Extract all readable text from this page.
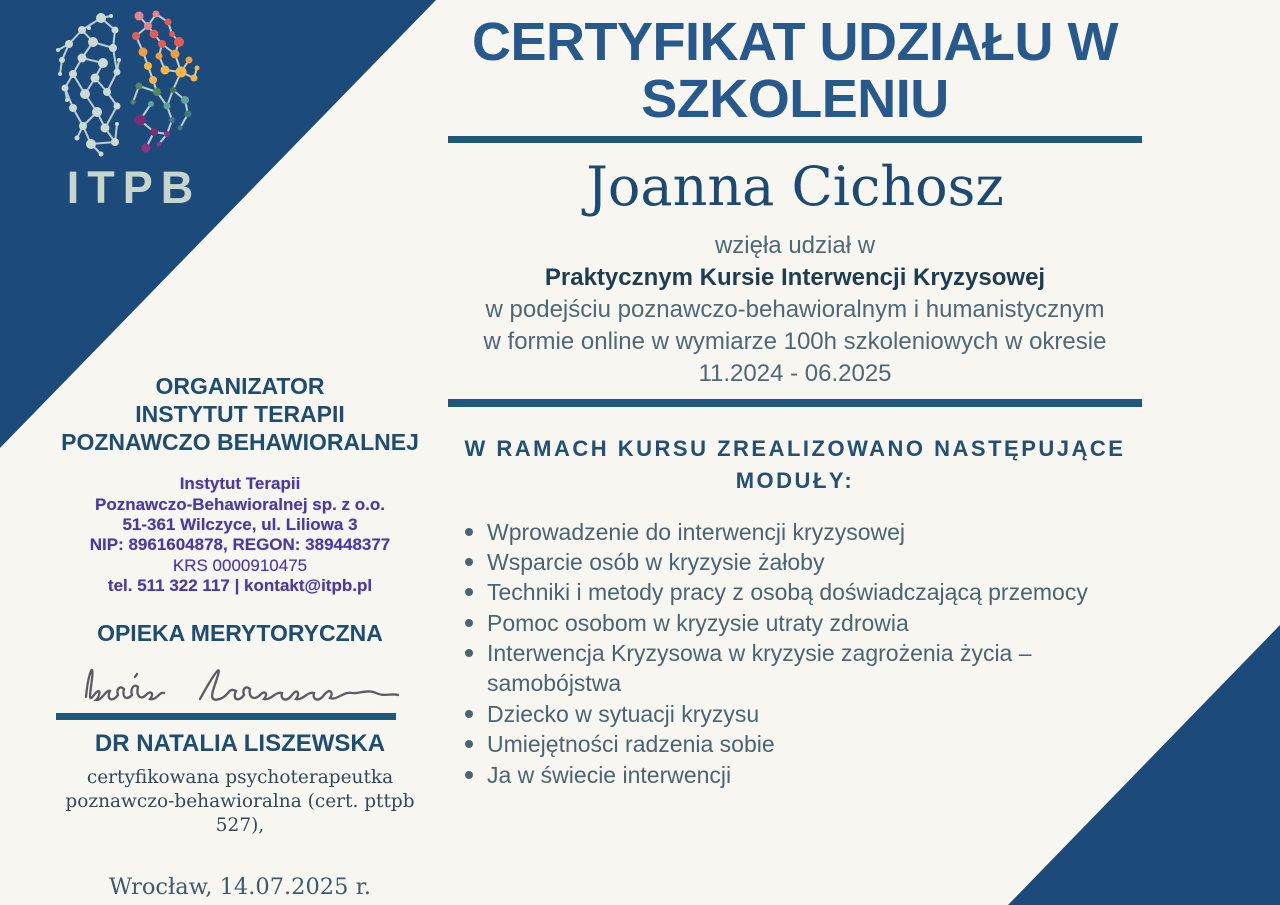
ITPB
CERTYFIKAT UDZIAŁU W
SZKOLENIU
Joanna Cichosz
wzięła udział w
Praktycznym Kursie Interwencji Kryzysowej
w podejściu poznawczo-behawioralnym i humanistycznym
w formie online w wymiarze 100h szkoleniowych w okresie
11.2024 - 06.2025
W RAMACH KURSU ZREALIZOWANO NASTĘPUJĄCE MODUŁY:
Wprowadzenie do interwencji kryzysowej
Wsparcie osób w kryzysie żałoby
Techniki i metody pracy z osobą doświadczającą przemocy
Pomoc osobom w kryzysie utraty zdrowia
Interwencja Kryzysowa w kryzysie zagrożenia życia – samobójstwa
Dziecko w sytuacji kryzysu
Umiejętności radzenia sobie
Ja w świecie interwencji
ORGANIZATOR
INSTYTUT TERAPII
POZNAWCZO BEHAWIORALNEJ
Instytut Terapii
Poznawczo-Behawioralnej sp. z o.o.
51-361 Wilczyce, ul. Liliowa 3
NIP: 8961604878, REGON: 389448377
KRS 0000910475
tel. 511 322 117 | kontakt@itpb.pl
OPIEKA MERYTORYCZNA
DR NATALIA LISZEWSKA
certyfikowana psychoterapeutka
poznawczo-behawioralna (cert. pttpb 527),
Wrocław, 14.07.2025 r.
